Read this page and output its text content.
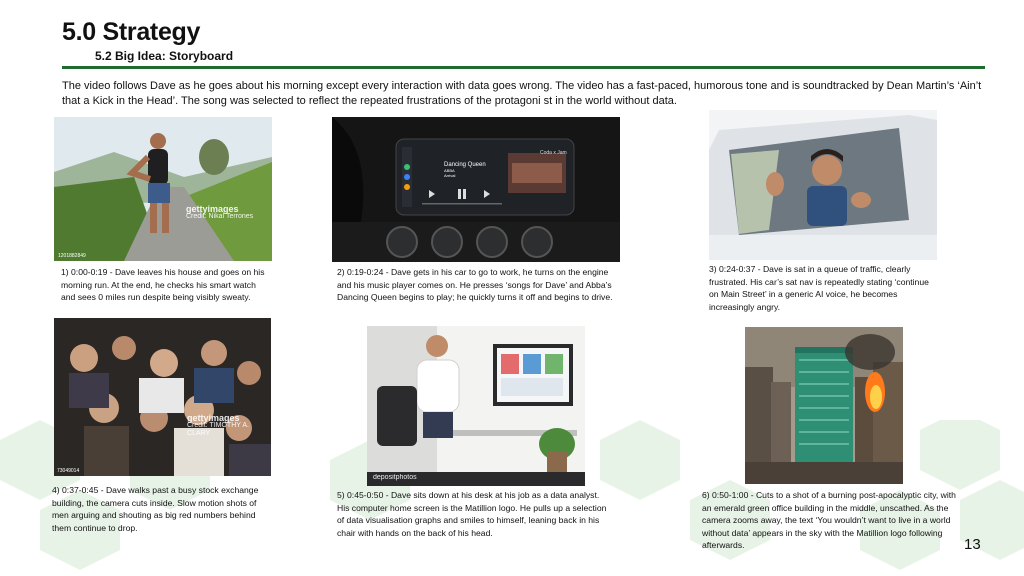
5.0 Strategy
5.2 Big Idea: Storyboard
The video follows Dave as he goes about his morning except every interaction with data goes wrong. The video has a fast-paced, humorous tone and is soundtracked by Dean Martin’s ‘Ain’t that a Kick in the Head’. The song was selected to reflect the repeated frustrations of the protagoni st in the world without data.
gettyimages
Credit: Nikal Terrones
1201882849
1) 0:00-0:19 - Dave leaves his house and goes on his morning run. At the end, he checks his smart watch and sees 0 miles run despite being visibly sweaty.
Dancing Queen
ABBA
Arrival
Coda x Jam
2) 0:19-0:24 - Dave gets in his car to go to work, he turns on the engine and his music player comes on. He presses ‘songs for Dave’ and Abba’s Dancing Queen begins to play; he quickly turns it off and begins to drive.
3) 0:24-0:37 - Dave is sat in a queue of traffic, clearly frustrated. His car’s sat nav is repeatedly stating ‘continue on Main Street’ in a generic AI voice, he becomes increasingly angry.
gettyimages
Credit: TIMOTHY A. CLARY
73049014
4) 0:37-0:45 - Dave walks past a busy stock exchange building, the camera cuts inside. Slow motion shots of men arguing and shouting as big red numbers behind them continue to drop.
depositphotos
5) 0:45-0:50 - Dave sits down at his desk at his job as a data analyst. His computer home screen is the Matillion logo. He pulls up a selection of data visualisation graphs and smiles to himself, leaning back in his chair with hands on the back of his head.
6) 0:50-1:00 - Cuts to a shot of a burning post-apocalyptic city, with an emerald green office building in the middle, unscathed. As the camera zooms away, the text ‘You wouldn’t want to live in a world without data’ appears in the sky with the Matillion logo following afterwards.	13
